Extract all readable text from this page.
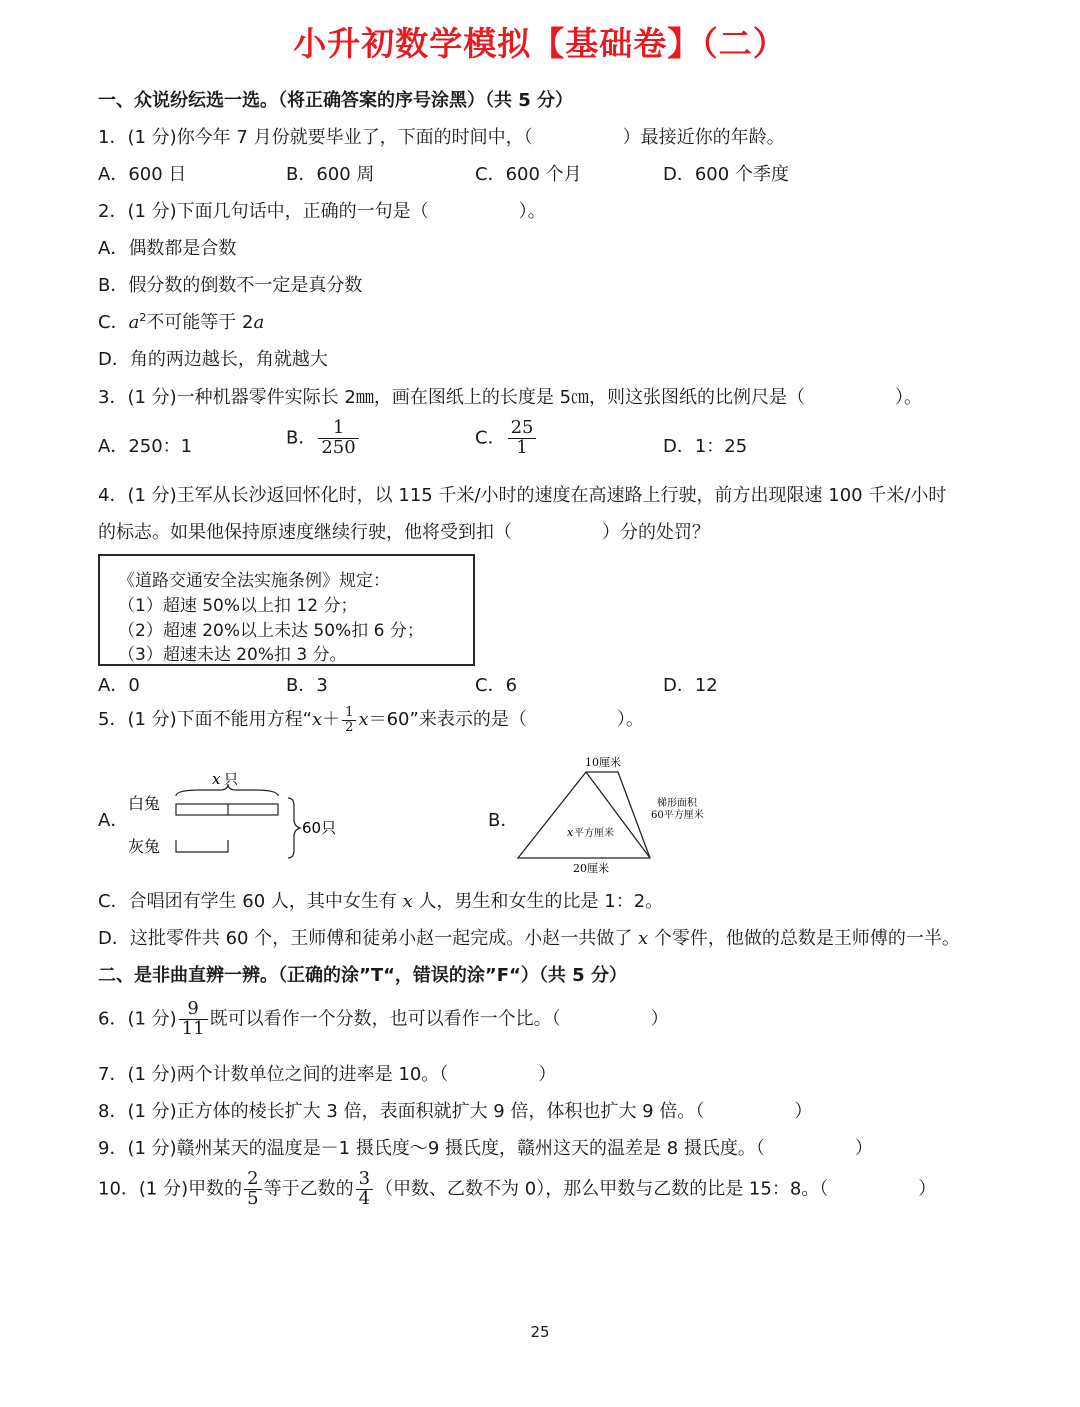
小升初数学模拟【基础卷】（二）
一、众说纷纭选一选。（将正确答案的序号涂黑）（共 5 分）
1．(1 分)你今年 7 月份就要毕业了，下面的时间中，（　　　　　）最接近你的年龄。
A．600 日	B．600 周	C．600 个月	D．600 个季度
2．(1 分)下面几句话中，正确的一句是（　　　　　）。
A．偶数都是合数
B．假分数的倒数不一定是真分数
C．$a^2$不可能等于 2a
D．角的两边越长，角就越大
3．(1 分)一种机器零件实际长 2㎜，画在图纸上的长度是 5㎝，则这张图纸的比例尺是（　　　　　）。
A．250：1	B． $\frac{1}{250}$	C． $\frac{25}{1}$	D．1：25
4．(1 分)王军从长沙返回怀化时，以 115 千米/小时的速度在高速路上行驶，前方出现限速 100 千米/小时
的标志。如果他保持原速度继续行驶，他将受到扣（　　　　　）分的处罚？
《道路交通安全法实施条例》规定：
（1）超速 50%以上扣 12 分；
（2）超速 20%以上未达 50%扣 6 分；
（3）超速未达 20%扣 3 分。
A．0	B．3	C．6	D．12
5．(1 分)下面不能用方程“$x+ \frac{1}{2} x=60$”来表示的是（　　　　　）。
A．
x 只
白兔
灰兔
60只	B．
10厘米
梯形面积
60平方厘米
x 平方厘米
20厘米
C．合唱团有学生 60 人，其中女生有 x 人，男生和女生的比是 1：2。
D．这批零件共 60 个，王师傅和徒弟小赵一起完成。小赵一共做了 x 个零件，他做的总数是王师傅的一半。
二、是非曲直辨一辨。（正确的涂”T“，错误的涂”F“）（共 5 分）
6．(1 分) $\frac{9}{11}$ 既可以看作一个分数，也可以看作一个比。（　　　　　）
7．(1 分)两个计数单位之间的进率是 10。（　　　　　）
8．(1 分)正方体的棱长扩大 3 倍，表面积就扩大 9 倍，体积也扩大 9 倍。（　　　　　）
9．(1 分)赣州某天的温度是－1 摄氏度～9 摄氏度，赣州这天的温差是 8 摄氏度。（　　　　　）
10．(1 分)甲数的 $\frac{2}{5}$ 等于乙数的 $\frac{3}{4}$ （甲数、乙数不为 0），那么甲数与乙数的比是 15：8。（　　　　　）
25
